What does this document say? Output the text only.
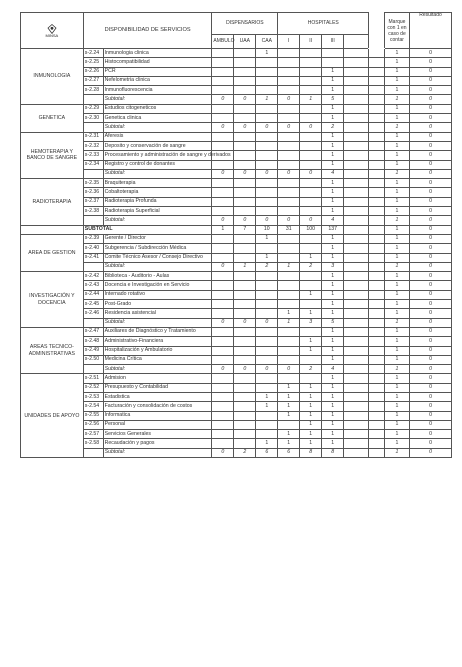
MINSA	DISPONIBILIDAD DE SERVICIOS		DISPENSARIOS			HOSPITALES					Marque con 1 en caso de contar	Resultado
			AMBULO	UAA	CAA	I	II	III				
INMUNOLOGIA	s-2.24	Inmunologia clinica			1						1	0
	s-2.25	Histocompatibilidad									1	0
	s-2.26	PCR						1			1	0
	s-2.27	Nefelometria clinica						1			1	0
	s-2.28	Inmunofluorescencia						1			1	0
		Subtotal:	0	0	1	0	1	5			1	0
GENETICA	s-2.29	Estudios citogeneticos						1			1	0
	s-2.30	Genetica clinica						1			1	0
		Subtotal:	0	0	0	0	0	2			1	0
HEMOTERAPIA Y BANCO DE SANGRE	s-2.31	Aferesis						1			1	0
	s-2.32	Deposito y conservación de sangre						1			1	0
	s-2.33	Procesamiento y administración de sangre y derivados						1			1	0
	s-2.34	Registro y control de donantes						1			1	0
		Subtotal:	0	0	0	0	0	4			1	0
RADIOTERAPIA	s-2.35	Braquiterapia						1			1	0
	s-2.36	Cobaltoterapia						1			1	0
	s-2.37	Radioterapia Profunda						1			1	0
	s-2.38	Radioterapia Superficial						1			1	0
		Subtotal:	0	0	0	0	0	4			1	0
	SUBTOTAL		1	7	10	31	100	137			1	0
AREA DE GESTION	s-2.39	Gerente / Director			1			1			1	0
	s-2.40	Subgerencia / Subdirección Médica						1			1	0
	s-2.41	Comite Técnico Asesor / Consejo Directivo			1		1	1			1	0
		Subtotal:	0	1	2	1	2	3			1	0
INVESTIGACIÓN Y DOCENCIA	s-2.42	Biblioteca - Auditorio - Aulas						1			1	0
	s-2.43	Docencia e Investigación en Servicio						1			1	0
	s-2.44	Internado rotativo					1	1			1	0
	s-2.45	Post-Grado						1			1	0
	s-2.46	Residencia asistencial				1	1	1			1	0
		Subtotal:	0	0	0	1	3	5			1	0
AREAS TECNICO-ADMINISTRATIVAS	s-2.47	Auxiliares de Diagnóstico y Tratamiento						1			1	0
	s-2.48	Administrativo-Financiera					1	1			1	0
	s-2.49	Hospitalización y Ambulatorio					1	1			1	0
	s-2.50	Medicina Crítica						1			1	0
		Subtotal:	0	0	0	0	2	4			1	0
UNIDADES DE APOYO	s-2.51	Admision						1			1	0
	s-2.52	Presupuesto y Contabilidad				1	1	1			1	0
	s-2.53	Estadistica			1	1	1	1			1	0
	s-2.54	Facturación y consolidación de costos			1	1	1	1			1	0
	s-2.55	Informatica				1	1	1			1	0
	s-2.56	Personal					1	1			1	0
	s-2.57	Servicios Generales				1	1	1			1	0
	s-2.58	Recaudación y pagos			1	1	1	1			1	0
		Subtotal:	0	2	6	6	8	8			1	0
